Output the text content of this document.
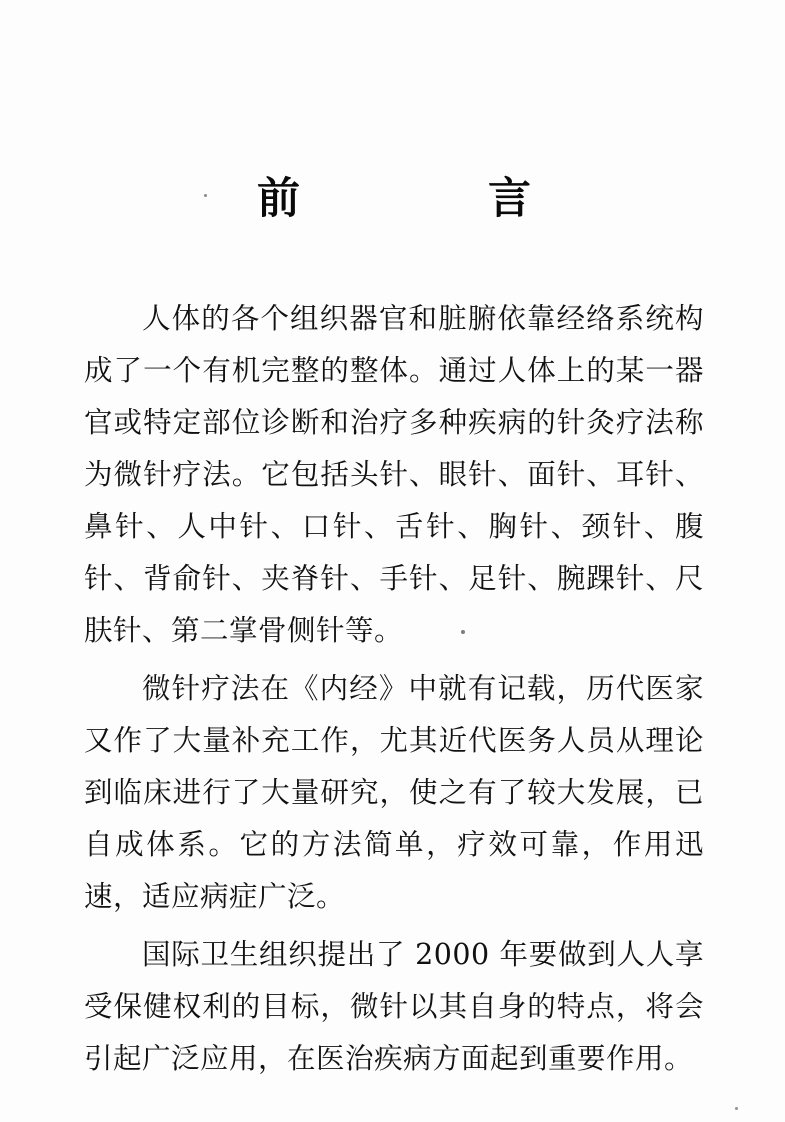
前　　言

人体的各个组织器官和脏腑依靠经络系统构成了一个有机完整的整体。通过人体上的某一器官或特定部位诊断和治疗多种疾病的针灸疗法称为微针疗法。它包括头针、眼针、面针、耳针、鼻针、人中针、口针、舌针、胸针、颈针、腹针、背俞针、夹脊针、手针、足针、腕踝针、尺肤针、第二掌骨侧针等。

微针疗法在《内经》中就有记载，历代医家又作了大量补充工作，尤其近代医务人员从理论到临床进行了大量研究，使之有了较大发展，已自成体系。它的方法简单，疗效可靠，作用迅速，适应病症广泛。

国际卫生组织提出了 2000 年要做到人人享受保健权利的目标，微针以其自身的特点，将会引起广泛应用，在医治疾病方面起到重要作用。
